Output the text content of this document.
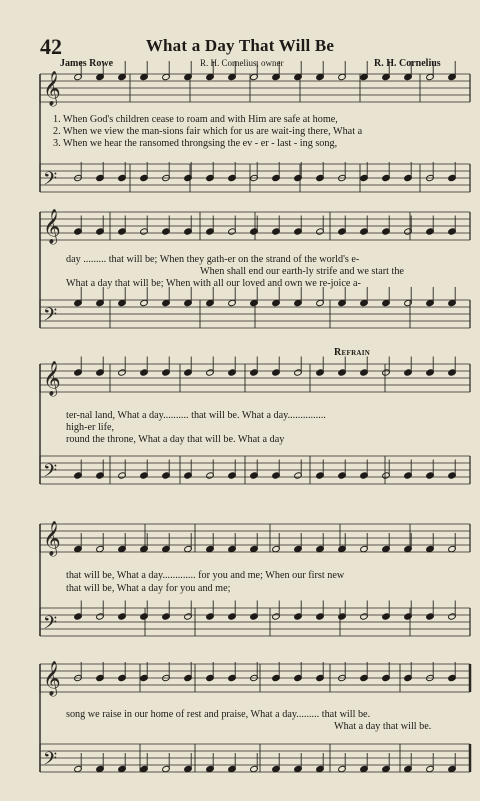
42	What a Day That Will Be
James Rowe	R. H. Cornelius, owner	R. H. Cornelius
𝄞
𝄢
𝄞
𝄢
𝄞
𝄢
𝄞
𝄢
𝄞
𝄢
1. When God's children cease to roam and with Him are safe at home,
2. When we view the man-sions fair which for us are wait-ing there, What a
3. When we hear the ransomed throngsing the ev - er - last - ing song,
day ......... that will be; When they gath-er on the strand of the world's e-
When shall end our earth-ly strife and we start the
What a day that will be; When with all our loved and own we re-joice a-
Refrain
ter-nal land, What a day.......... that will be. What a day...............
high-er life,
round the throne, What a day that will be. What a day
that will be, What a day............. for you and me; When our first new
that will be, What a day for you and me;
song we raise in our home of rest and praise, What a day......... that will be.
What a day that will be.
